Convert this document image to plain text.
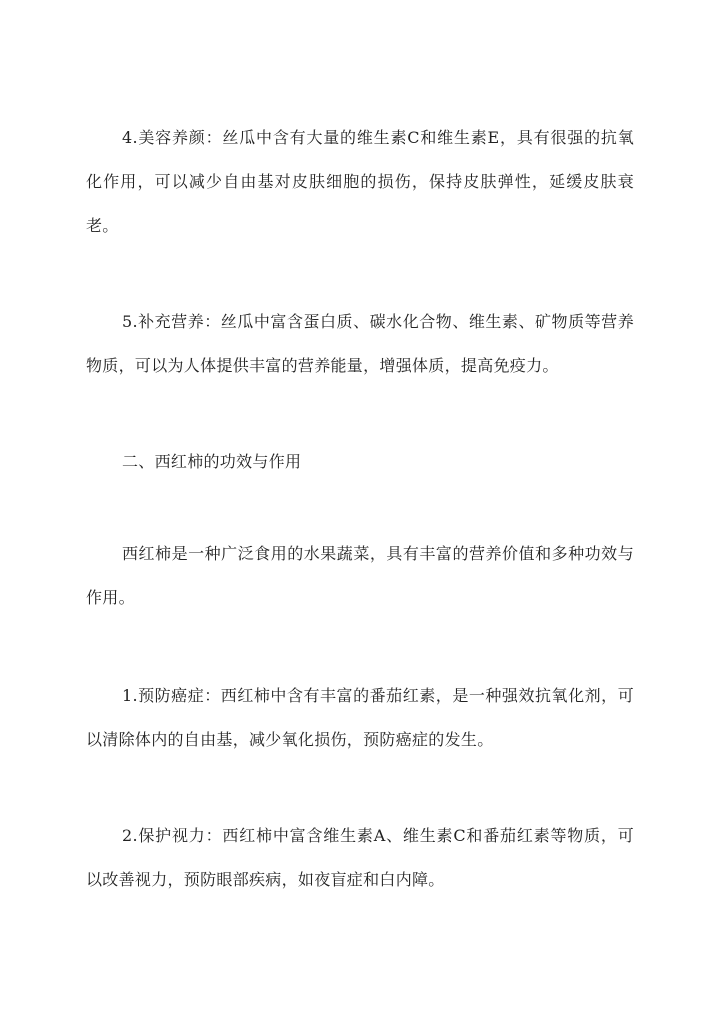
4.美容养颜：丝瓜中含有大量的维生素C和维生素E，具有很强的抗氧化作用，可以减少自由基对皮肤细胞的损伤，保持皮肤弹性，延缓皮肤衰老。

5.补充营养：丝瓜中富含蛋白质、碳水化合物、维生素、矿物质等营养物质，可以为人体提供丰富的营养能量，增强体质，提高免疫力。

二、西红柿的功效与作用

西红柿是一种广泛食用的水果蔬菜，具有丰富的营养价值和多种功效与作用。

1.预防癌症：西红柿中含有丰富的番茄红素，是一种强效抗氧化剂，可以清除体内的自由基，减少氧化损伤，预防癌症的发生。

2.保护视力：西红柿中富含维生素A、维生素C和番茄红素等物质，可以改善视力，预防眼部疾病，如夜盲症和白内障。
